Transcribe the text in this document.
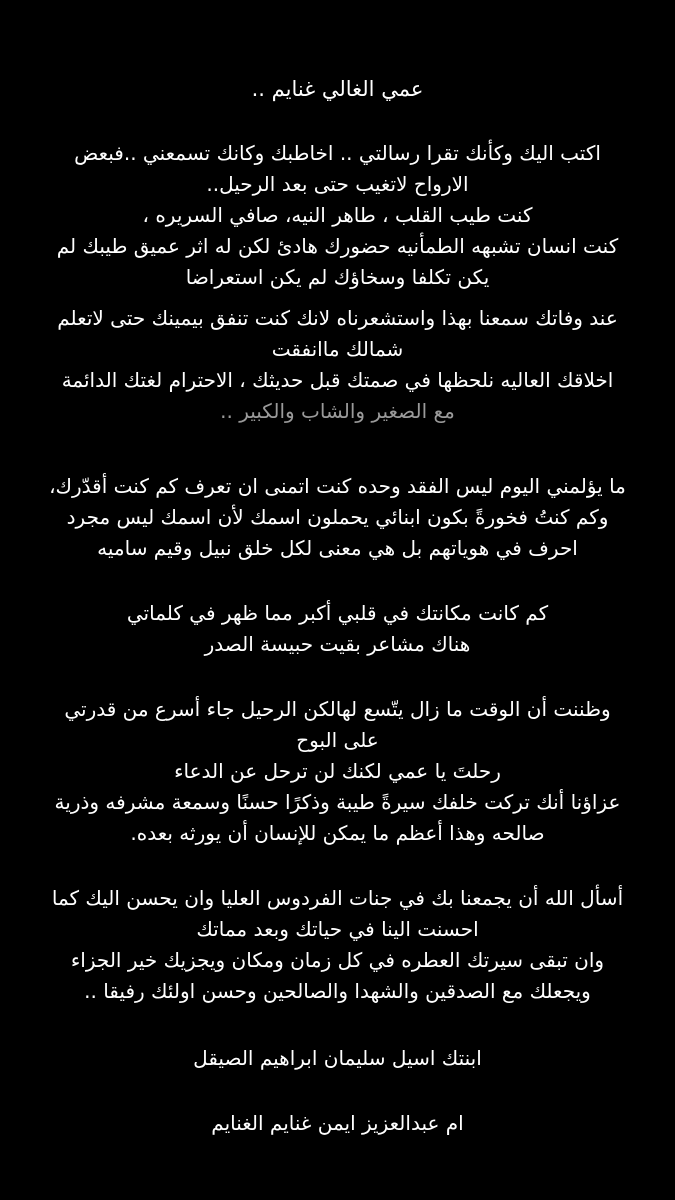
عمي الغالي غنايم ..
اكتب اليك وكأنك تقرا رسالتي .. اخاطبك وكانك تسمعني ..فبعض
الارواح لاتغيب حتى بعد الرحيل..
كنت طيب القلب ، طاهر النيه، صافي السريره ،
كنت انسان تشبهه الطمأنيه حضورك هادئ لكن له اثر عميق طيبك لم
يكن تكلفا وسخاؤك لم يكن استعراضا
عند وفاتك سمعنا بهذا واستشعرناه لانك كنت تنفق بيمينك حتى لاتعلم
شمالك ماانفقت
اخلاقك العاليه نلحظها في صمتك قبل حديثك ، الاحترام لغتك الدائمة
مع الصغير والشاب والكبير ..
ما يؤلمني اليوم ليس الفقد وحده كنت اتمنى ان تعرف كم كنت أقدّرك،
وكم كنتُ فخورةً بكون ابنائي يحملون اسمك لأن اسمك ليس مجرد
احرف في هوياتهم بل هي معنى لكل خلق نبيل وقيم ساميه
كم كانت مكانتك في قلبي أكبر مما ظهر في كلماتي
هناك مشاعر بقيت حبيسة الصدر
وظننت أن الوقت ما زال يتّسع لهالكن الرحيل جاء أسرع من قدرتي
على البوح
رحلتَ يا عمي لكنك لن ترحل عن الدعاء
عزاؤنا أنك تركت خلفك سيرةً طيبة وذكرًا حسنًا وسمعة مشرفه وذرية
صالحه وهذا أعظم ما يمكن للإنسان أن يورثه بعده.
أسأل الله أن يجمعنا بك في جنات الفردوس العليا وان يحسن اليك كما
احسنت الينا في حياتك وبعد مماتك
وان تبقى سيرتك العطره في كل زمان ومكان ويجزيك خير الجزاء
ويجعلك مع الصدقين والشهدا والصالحين وحسن اولئك رفيقا ..
ابنتك اسيل سليمان ابراهيم الصيقل
ام عبدالعزيز ايمن غنايم الغنايم
